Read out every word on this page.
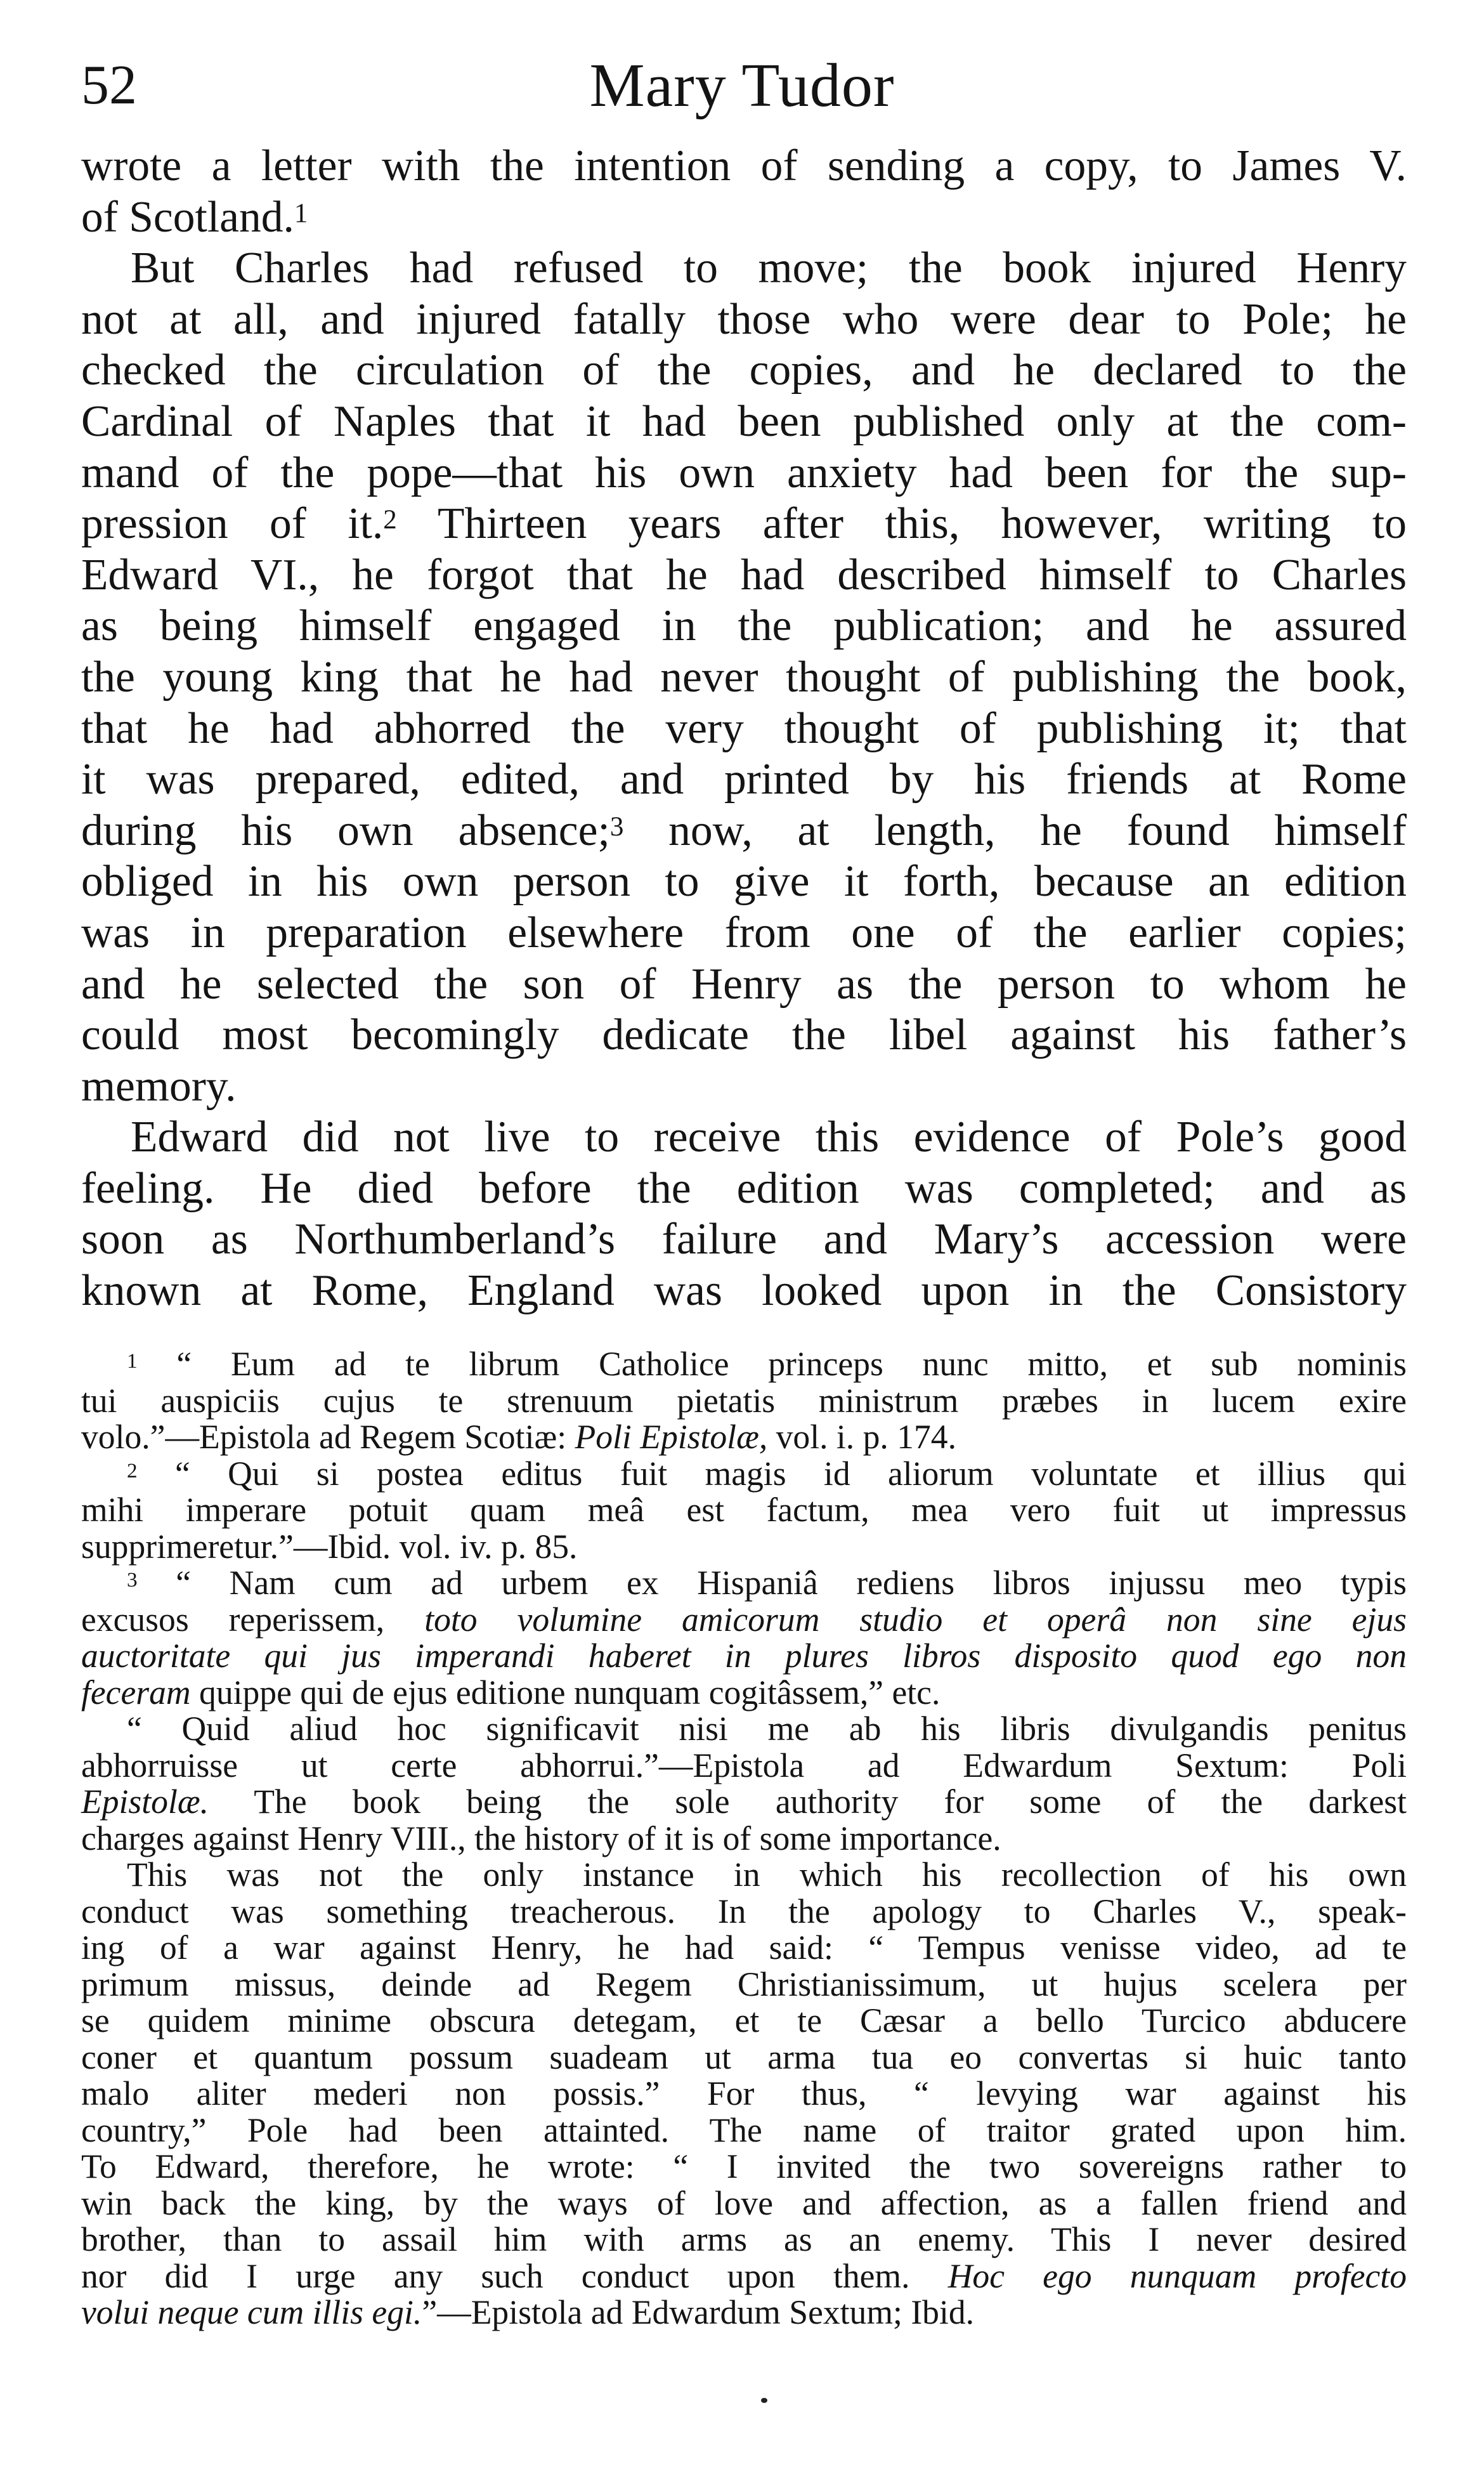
52	Mary Tudor

wrote a letter with the intention of sending a copy, to James V.
of Scotland.$^1$

But Charles had refused to move; the book injured Henry
not at all, and injured fatally those who were dear to Pole; he
checked the circulation of the copies, and he declared to the
Cardinal of Naples that it had been published only at the com-
mand of the pope—that his own anxiety had been for the sup-
pression of it.$^2$ Thirteen years after this, however, writing to
Edward VI., he forgot that he had described himself to Charles
as being himself engaged in the publication; and he assured
the young king that he had never thought of publishing the book,
that he had abhorred the very thought of publishing it; that
it was prepared, edited, and printed by his friends at Rome
during his own absence;$^3$ now, at length, he found himself
obliged in his own person to give it forth, because an edition
was in preparation elsewhere from one of the earlier copies;
and he selected the son of Henry as the person to whom he
could most becomingly dedicate the libel against his father’s
memory.

Edward did not live to receive this evidence of Pole’s good
feeling. He died before the edition was completed; and as
soon as Northumberland’s failure and Mary’s accession were
known at Rome, England was looked upon in the Consistory

$^1$ “ Eum ad te librum Catholice princeps nunc mitto, et sub nominis
tui auspiciis cujus te strenuum pietatis ministrum præbes in lucem exire
volo.”—Epistola ad Regem Scotiæ: Poli Epistolæ, vol. i. p. 174.
$^2$ “ Qui si postea editus fuit magis id aliorum voluntate et illius qui
mihi imperare potuit quam meâ est factum, mea vero fuit ut impressus
supprimeretur.”—Ibid. vol. iv. p. 85.
$^3$ “ Nam cum ad urbem ex Hispaniâ rediens libros injussu meo typis
excusos reperissem, toto volumine amicorum studio et operâ non sine ejus
auctoritate qui jus imperandi haberet in plures libros disposito quod ego non
feceram quippe qui de ejus editione nunquam cogitâssem,” etc.
“ Quid aliud hoc significavit nisi me ab his libris divulgandis penitus
abhorruisse ut certe abhorrui.”—Epistola ad Edwardum Sextum: Poli
Epistolæ. The book being the sole authority for some of the darkest
charges against Henry VIII., the history of it is of some importance.
This was not the only instance in which his recollection of his own
conduct was something treacherous. In the apology to Charles V., speak-
ing of a war against Henry, he had said: “ Tempus venisse video, ad te
primum missus, deinde ad Regem Christianissimum, ut hujus scelera per
se quidem minime obscura detegam, et te Cæsar a bello Turcico abducere
coner et quantum possum suadeam ut arma tua eo convertas si huic tanto
malo aliter mederi non possis.” For thus, “ levying war against his
country,” Pole had been attainted. The name of traitor grated upon him.
To Edward, therefore, he wrote: “ I invited the two sovereigns rather to
win back the king, by the ways of love and affection, as a fallen friend and
brother, than to assail him with arms as an enemy. This I never desired
nor did I urge any such conduct upon them. Hoc ego nunquam profecto
volui neque cum illis egi.”—Epistola ad Edwardum Sextum; Ibid.
